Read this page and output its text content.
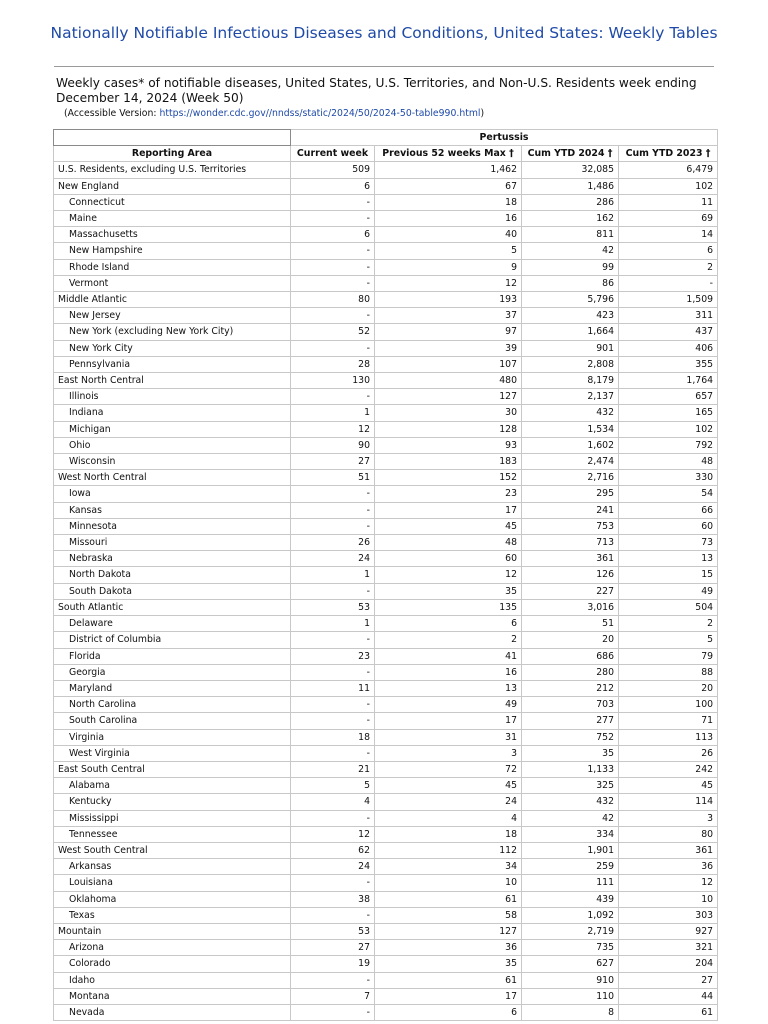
Nationally Notifiable Infectious Diseases and Conditions, United States: Weekly Tables
Weekly cases* of notifiable diseases, United States, U.S. Territories, and Non-U.S. Residents week ending December 14, 2024 (Week 50)
(Accessible Version: https://wonder.cdc.gov//nndss/static/2024/50/2024-50-table990.html)
	Pertussis			
Reporting Area	Current week	Previous 52 weeks Max †	Cum YTD 2024 †	Cum YTD 2023 †
U.S. Residents, excluding U.S. Territories	509	1,462	32,085	6,479
New England	6	67	1,486	102
Connecticut	-	18	286	11
Maine	-	16	162	69
Massachusetts	6	40	811	14
New Hampshire	-	5	42	6
Rhode Island	-	9	99	2
Vermont	-	12	86	-
Middle Atlantic	80	193	5,796	1,509
New Jersey	-	37	423	311
New York (excluding New York City)	52	97	1,664	437
New York City	-	39	901	406
Pennsylvania	28	107	2,808	355
East North Central	130	480	8,179	1,764
Illinois	-	127	2,137	657
Indiana	1	30	432	165
Michigan	12	128	1,534	102
Ohio	90	93	1,602	792
Wisconsin	27	183	2,474	48
West North Central	51	152	2,716	330
Iowa	-	23	295	54
Kansas	-	17	241	66
Minnesota	-	45	753	60
Missouri	26	48	713	73
Nebraska	24	60	361	13
North Dakota	1	12	126	15
South Dakota	-	35	227	49
South Atlantic	53	135	3,016	504
Delaware	1	6	51	2
District of Columbia	-	2	20	5
Florida	23	41	686	79
Georgia	-	16	280	88
Maryland	11	13	212	20
North Carolina	-	49	703	100
South Carolina	-	17	277	71
Virginia	18	31	752	113
West Virginia	-	3	35	26
East South Central	21	72	1,133	242
Alabama	5	45	325	45
Kentucky	4	24	432	114
Mississippi	-	4	42	3
Tennessee	12	18	334	80
West South Central	62	112	1,901	361
Arkansas	24	34	259	36
Louisiana	-	10	111	12
Oklahoma	38	61	439	10
Texas	-	58	1,092	303
Mountain	53	127	2,719	927
Arizona	27	36	735	321
Colorado	19	35	627	204
Idaho	-	61	910	27
Montana	7	17	110	44
Nevada	-	6	8	61
